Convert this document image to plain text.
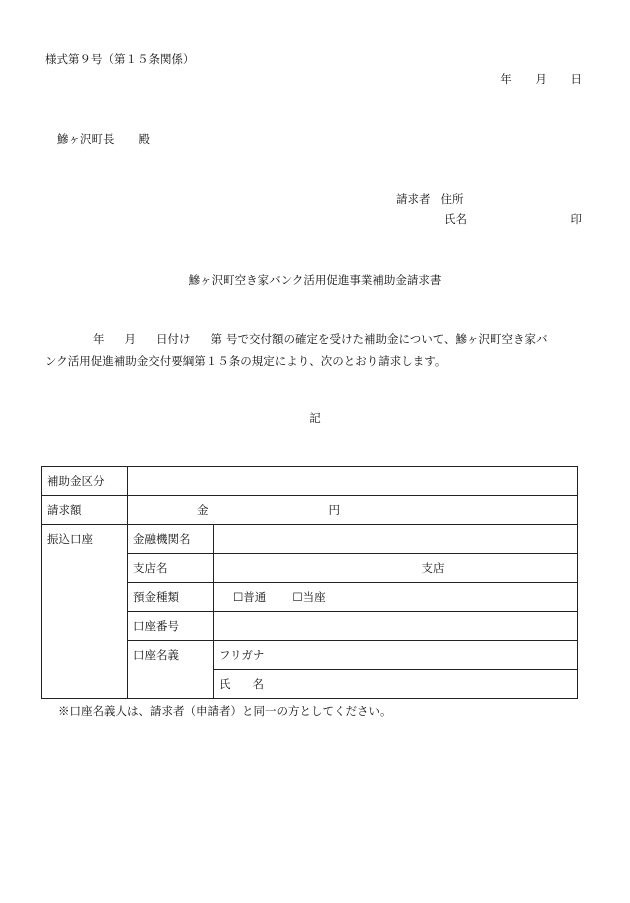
様式第９号（第１５条関係）
年 月 日
鰺ヶ沢町長 殿
請求者 住所
氏名	印
鰺ヶ沢町空き家バンク活用促進事業補助金請求書
年 月 日付け 第 号で交付額の確定を受けた補助金について、鰺ヶ沢町空き家バ
ンク活用促進補助金交付要綱第１５条の規定により、次のとおり請求します。
記
補助金区分		
請求額	金 円	
振込口座	金融機関名	
	支店名	支店
	預金種類	☐普通 ☐当座
	口座番号	
	口座名義	フリガナ
		氏 名
※口座名義人は、請求者（申請者）と同一の方としてください。
